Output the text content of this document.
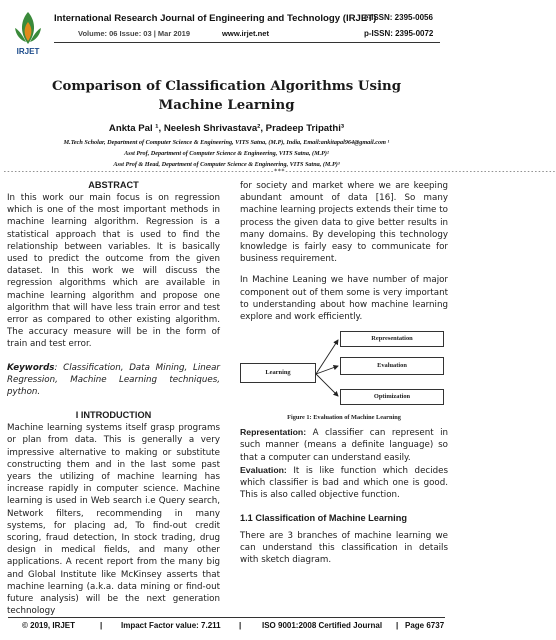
IRJET
International Research Journal of Engineering and Technology (IRJET)
e-ISSN: 2395-0056
Volume: 06 Issue: 03 | Mar 2019	www.irjet.net	p-ISSN: 2395-0072
Comparison of Classification Algorithms Using Machine Learning
Ankta Pal ¹, Neelesh Shrivastava², Pradeep Tripathi³
M.Tech Scholar, Department of Computer Science & Engineering, VITS Satna, (M.P), India, Email:ankitapal964@gmail.com ¹
Asst Prof, Department of Computer Science & Engineering, VITS Satna, (M.P)²
Asst Prof & Head, Department of Computer Science & Engineering, VITS Satna, (M.P)³
---------------------------------------------------------------------------***---------------------------------------------------------------------------
ABSTRACT

In this work our main focus is on regression which is one of the most important methods in machine learning algorithm. Regression is a statistical approach that is used to find the relationship between variables. It is basically used to predict the outcome from the given dataset. In this work we will discuss the regression algorithms which are available in machine learning algorithm and propose one algorithm that will have less train error and test error as compared to other existing algorithm. The accuracy measure will be in the form of train and test error.

Keywords: Classification, Data Mining, Linear Regression, Machine Learning techniques, python.

I INTRODUCTION

Machine learning systems itself grasp programs or plan from data. This is generally a very impressive alternative to making or substitute constructing them and in the last some past years the utilizing of machine learning has increase rapidly in computer science. Machine learning is used in Web search i.e Query search, Network filters, recommending in many systems, for placing ad, To find-out credit scoring, fraud detection, In stock trading, drug design in medical fields, and many other applications. A recent report from the many big and Global Institute like McKinsey asserts that machine learning (a.k.a. data mining or find-out future analysis) will be the next generation technology

for society and market where we are keeping abundant amount of data [16]. So many machine learning projects extends their time to process the given data to give better results in many domains. By developing this technology knowledge is fairly easy to communicate for business requirement.

In Machine Leaning we have number of major component out of them some is very important to understanding about how machine learning explore and work efficiently.

Learning
Representation
Evaluation
Optimization
Figure 1: Evaluation of Machine Learning

Representation: A classifier can represent in such manner (means a definite language) so that a computer can understand easily.

Evaluation: It is like function which decides which classifier is bad and which one is good. This is also called objective function.

1.1 Classification of Machine Learning

There are 3 branches of machine learning we can understand this classification in details with sketch diagram.

© 2019, IRJET	| Impact Factor value: 7.211 |	ISO 9001:2008 Certified Journal | Page 6737
